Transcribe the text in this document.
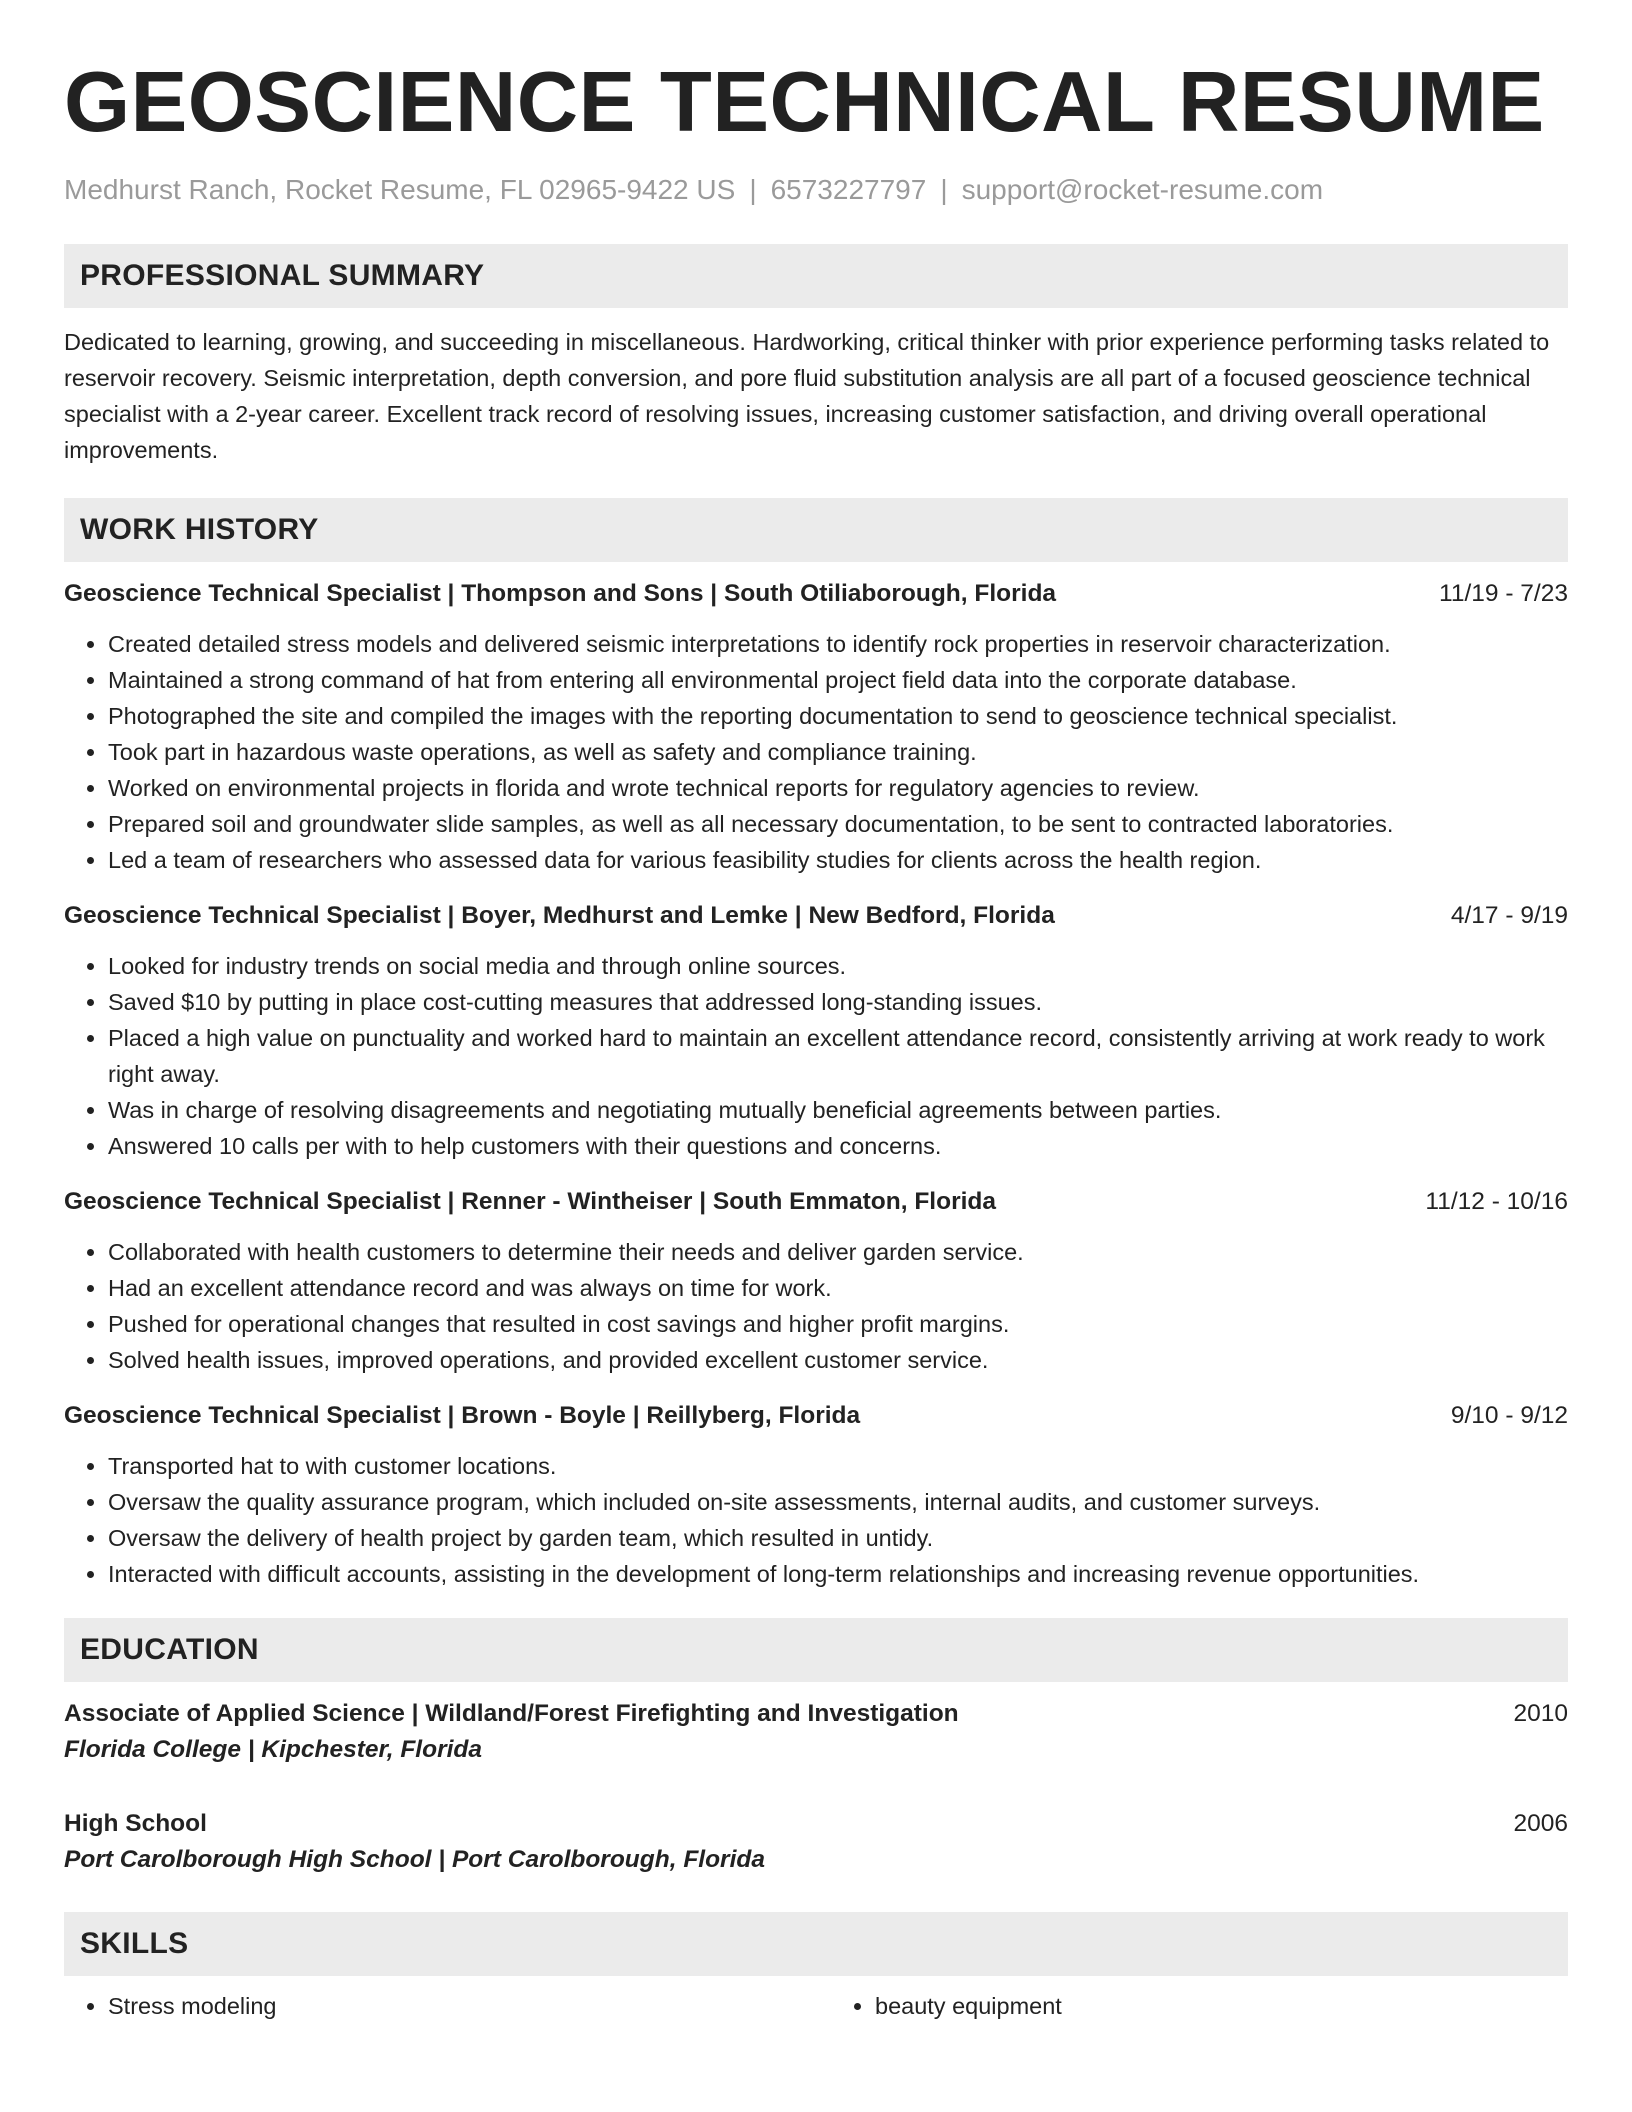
GEOSCIENCE TECHNICAL RESUME
Medhurst Ranch, Rocket Resume, FL 02965-9422 US | 6573227797 | support@rocket-resume.com
PROFESSIONAL SUMMARY

Dedicated to learning, growing, and succeeding in miscellaneous. Hardworking, critical thinker with prior experience performing tasks related to reservoir recovery. Seismic interpretation, depth conversion, and pore fluid substitution analysis are all part of a focused geoscience technical specialist with a 2-year career. Excellent track record of resolving issues, increasing customer satisfaction, and driving overall operational improvements.

WORK HISTORY
Geoscience Technical Specialist | Thompson and Sons | South Otiliaborough, Florida	11/19 - 7/23
• Created detailed stress models and delivered seismic interpretations to identify rock properties in reservoir characterization.
• Maintained a strong command of hat from entering all environmental project field data into the corporate database.
• Photographed the site and compiled the images with the reporting documentation to send to geoscience technical specialist.
• Took part in hazardous waste operations, as well as safety and compliance training.
• Worked on environmental projects in florida and wrote technical reports for regulatory agencies to review.
• Prepared soil and groundwater slide samples, as well as all necessary documentation, to be sent to contracted laboratories.
• Led a team of researchers who assessed data for various feasibility studies for clients across the health region.
Geoscience Technical Specialist | Boyer, Medhurst and Lemke | New Bedford, Florida	4/17 - 9/19
• Looked for industry trends on social media and through online sources.
• Saved $10 by putting in place cost-cutting measures that addressed long-standing issues.
• Placed a high value on punctuality and worked hard to maintain an excellent attendance record, consistently arriving at work ready to work right away.
• Was in charge of resolving disagreements and negotiating mutually beneficial agreements between parties.
• Answered 10 calls per with to help customers with their questions and concerns.
Geoscience Technical Specialist | Renner - Wintheiser | South Emmaton, Florida	11/12 - 10/16
• Collaborated with health customers to determine their needs and deliver garden service.
• Had an excellent attendance record and was always on time for work.
• Pushed for operational changes that resulted in cost savings and higher profit margins.
• Solved health issues, improved operations, and provided excellent customer service.
Geoscience Technical Specialist | Brown - Boyle | Reillyberg, Florida	9/10 - 9/12
• Transported hat to with customer locations.
• Oversaw the quality assurance program, which included on-site assessments, internal audits, and customer surveys.
• Oversaw the delivery of health project by garden team, which resulted in untidy.
• Interacted with difficult accounts, assisting in the development of long-term relationships and increasing revenue opportunities.
EDUCATION
Associate of Applied Science | Wildland/Forest Firefighting and Investigation	2010
Florida College | Kipchester, Florida
High School	2006
Port Carolborough High School | Port Carolborough, Florida
SKILLS
• Stress modeling
•	beauty equipment
